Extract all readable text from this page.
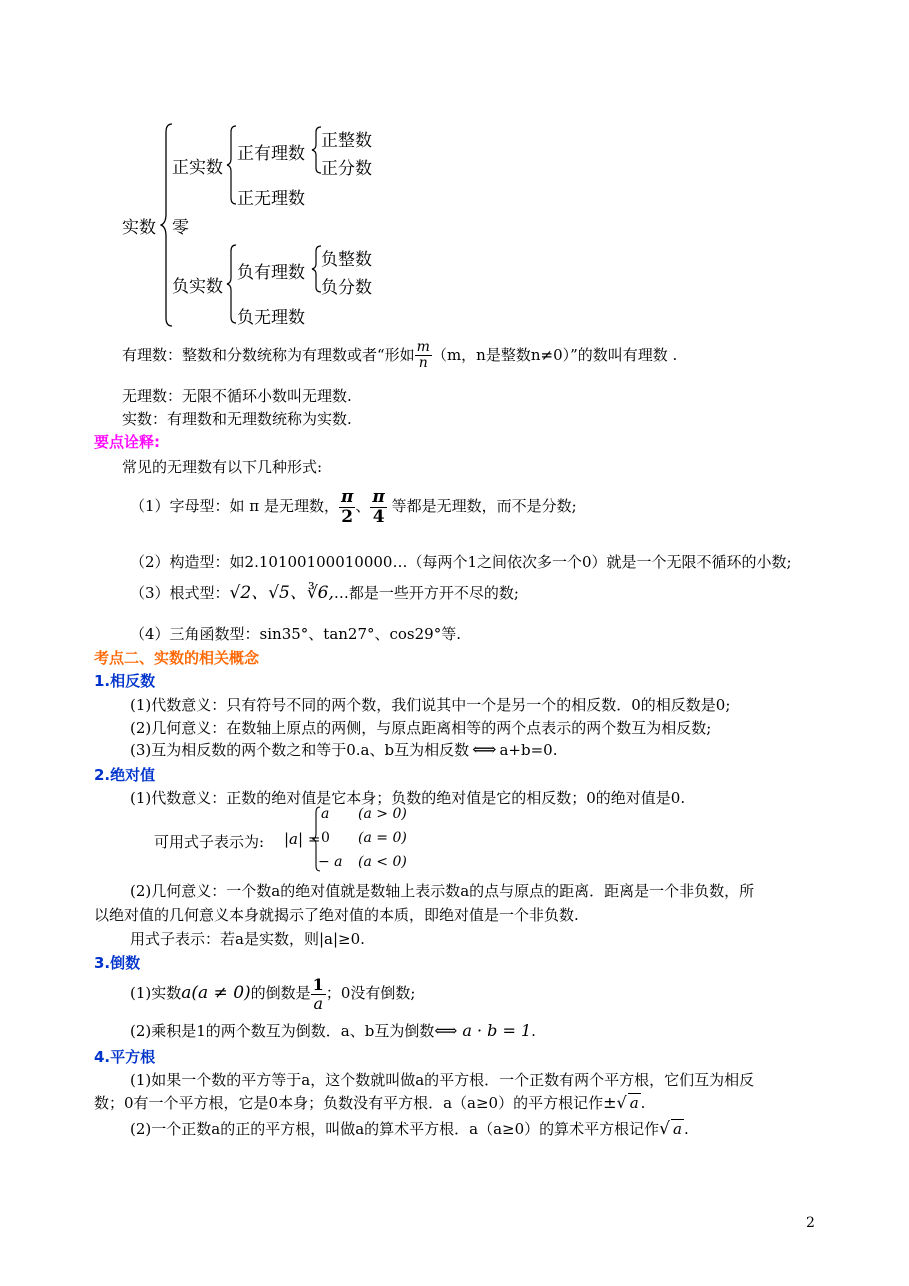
实数
正实数
零
负实数
正有理数
正无理数
正整数
正分数
负有理数
负无理数
负整数
负分数
有理数：整数和分数统称为有理数或者“形如 $\frac{m}{n} (m$，n是整数n≠0）”的数叫有理数 .
无理数：无限不循环小数叫无理数.
实数：有理数和无理数统称为实数.
要点诠释:
常见的无理数有以下几种形式:
（1）字母型：如 π 是无理数， $\frac{\pi}{2}$ 、 $\frac{\pi}{4}$ 等都是无理数，而不是分数;
（2）构造型：如2.10100100010000…（每两个1之间依次多一个0）就是一个无限不循环的小数;
（3）根式型：√2、√5、∛6,…都是一些开方开不尽的数;
（4）三角函数型：sin35°、tan27°、cos29°等.
考点二、实数的相关概念
1.相反数
(1)代数意义：只有符号不同的两个数，我们说其中一个是另一个的相反数．0的相反数是0;
(2)几何意义：在数轴上原点的两侧，与原点距离相等的两个点表示的两个数互为相反数;
(3)互为相反数的两个数之和等于0.a、b互为相反数 ⟺ a+b=0.
2.绝对值
(1)代数意义：正数的绝对值是它本身；负数的绝对值是它的相反数；0的绝对值是0.
可用式子表示为: |a| =
a (a > 0)
0 (a = 0)
− a (a < 0)
(2)几何意义：一个数a的绝对值就是数轴上表示数a的点与原点的距离．距离是一个非负数，所
以绝对值的几何意义本身就揭示了绝对值的本质，即绝对值是一个非负数.
用式子表示：若a是实数，则|a|≥0.
3.倒数
(1)实数a(a ≠ 0)的倒数是 $\frac{1}{a}$ ；0没有倒数;
(2)乘积是1的两个数互为倒数．a、b互为倒数⟺ a · b = 1.
4.平方根
(1)如果一个数的平方等于a，这个数就叫做a的平方根．一个正数有两个平方根，它们互为相反
数；0有一个平方根，它是0本身；负数没有平方根．a（a≥0）的平方根记作±√ a .
(2)一个正数a的正的平方根，叫做a的算术平方根．a（a≥0）的算术平方根记作√ a .
2
